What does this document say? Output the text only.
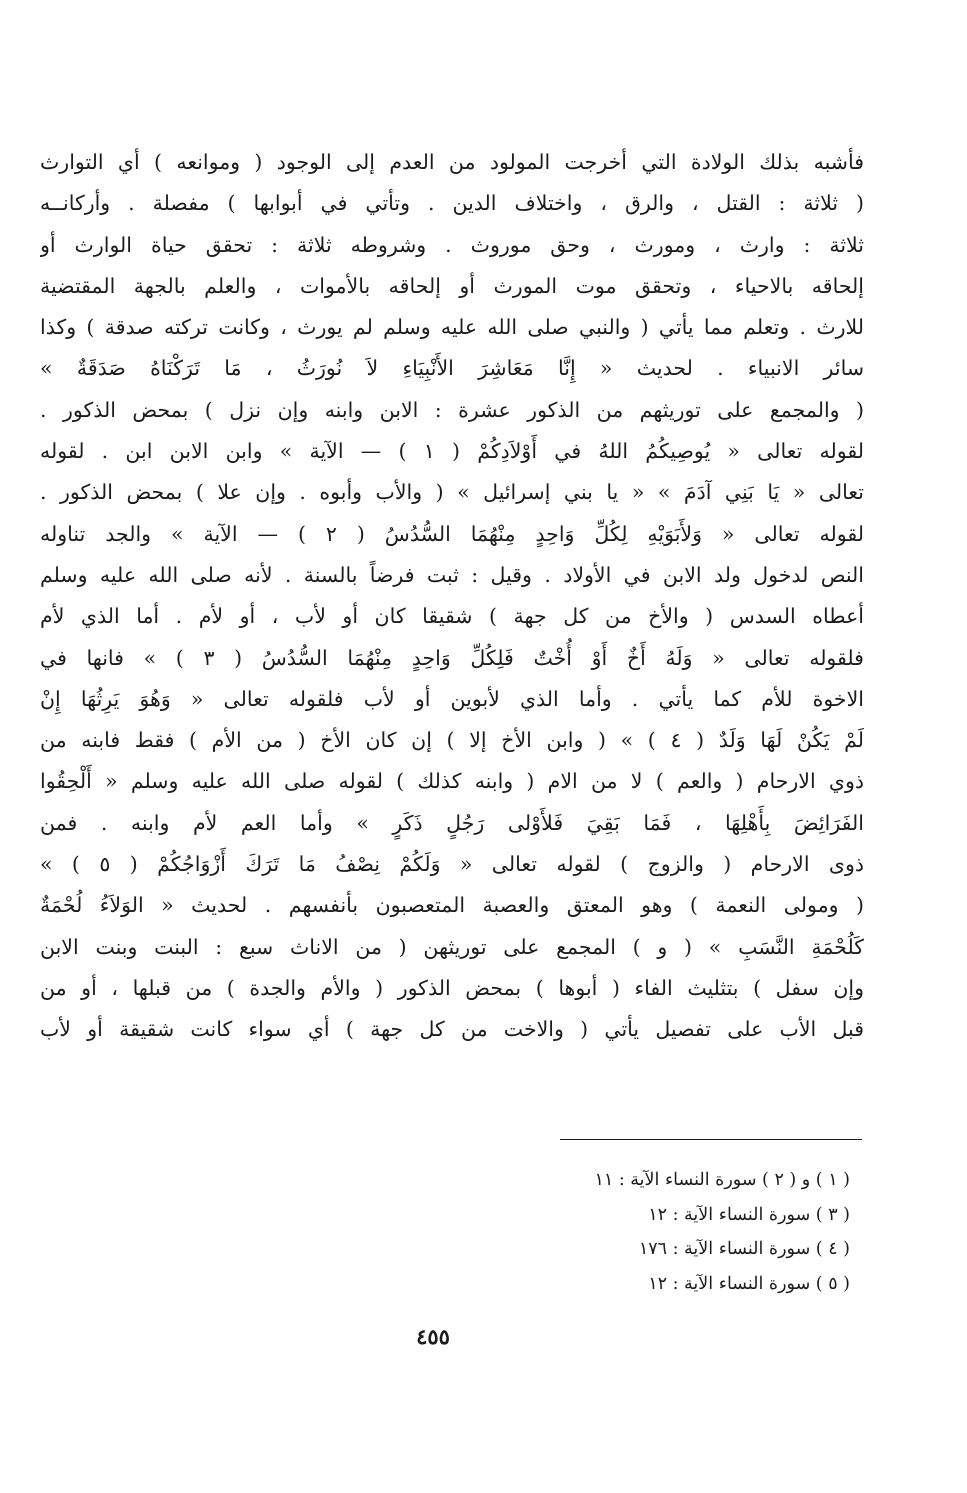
فأشبه بذلك الولادة التي أخرجت المولود من العدم إلى الوجود ( وموانعه ) أي التوارث
( ثلاثة : القتل ، والرق ، واختلاف الدين . وتأتي في أبوابها ) مفصلة . وأركانــه
ثلاثة : وارث ، ومورث ، وحق موروث . وشروطه ثلاثة : تحقق حياة الوارث أو
إلحاقه بالاحياء ، وتحقق موت المورث أو إلحاقه بالأموات ، والعلم بالجهة المقتضية
للارث . وتعلم مما يأتي ( والنبي صلى الله عليه وسلم لم يورث ، وكانت تركته صدقة ) وكذا
سائر الانبياء . لحديث « إِنَّا مَعَاشِرَ الأَنْبِيَاءِ لاَ نُورَثُ ، مَا تَرَكْنَاهُ صَدَقَةٌ »
( والمجمع على توريثهم من الذكور عشرة : الابن وابنه وإن نزل ) بمحض الذكور .
لقوله تعالى « يُوصِيكُمُ اللهُ في أَوْلاَدِكُمْ ( ١ ) — الآية » وابن الابن ابن . لقوله
تعالى « يَا بَنِي آدَمَ » « يا بني إسرائيل » ( والأب وأبوه . وإن علا ) بمحض الذكور .
لقوله تعالى « وَلأَبَوَيْهِ لِكُلِّ وَاحِدٍ مِنْهُمَا السُّدُسُ ( ٢ ) — الآية » والجد تناوله
النص لدخول ولد الابن في الأولاد . وقيل : ثبت فرضاً بالسنة . لأنه صلى الله عليه وسلم
أعطاه السدس ( والأخ من كل جهة ) شقيقا كان أو لأب ، أو لأم . أما الذي لأم
فلقوله تعالى « وَلَهُ أَخٌ أَوْ أُخْتٌ فَلِكُلِّ وَاحِدٍ مِنْهُمَا السُّدُسُ ( ٣ ) » فانها في
الاخوة للأم كما يأتي . وأما الذي لأبوين أو لأب فلقوله تعالى « وَهُوَ يَرِثُهَا إِنْ
لَمْ يَكُنْ لَهَا وَلَدٌ ( ٤ ) » ( وابن الأخ إلا ) إن كان الأخ ( من الأم ) فقط فابنه من
ذوي الارحام ( والعم ) لا من الام ( وابنه كذلك ) لقوله صلى الله عليه وسلم « أَلْحِقُوا
الفَرَائِضَ بِأَهْلِهَا ، فَمَا بَقِيَ فَلأَوْلى رَجُلٍ ذَكَرٍ » وأما العم لأم وابنه . فمن
ذوى الارحام ( والزوج ) لقوله تعالى « وَلَكُمْ نِصْفُ مَا تَرَكَ أَزْوَاجُكُمْ ( ٥ ) »
( ومولى النعمة ) وهو المعتق والعصبة المتعصبون بأنفسهم . لحديث « الوَلاَءُ لُحْمَةٌ
كَلُحْمَةِ النَّسَبِ » ( و ) المجمع على توريثهن ( من الاناث سبع : البنت وبنت الابن
وإن سفل ) بتثليث الفاء ( أبوها ) بمحض الذكور ( والأم والجدة ) من قبلها ، أو من
قبل الأب على تفصيل يأتي ( والاخت من كل جهة ) أي سواء كانت شقيقة أو لأب
( ١ ) و ( ٢ ) سورة النساء الآية : ١١
( ٣ ) سورة النساء الآية : ١٢
( ٤ ) سورة النساء الآية : ١٧٦
( ٥ ) سورة النساء الآية : ١٢
٤٥٥
